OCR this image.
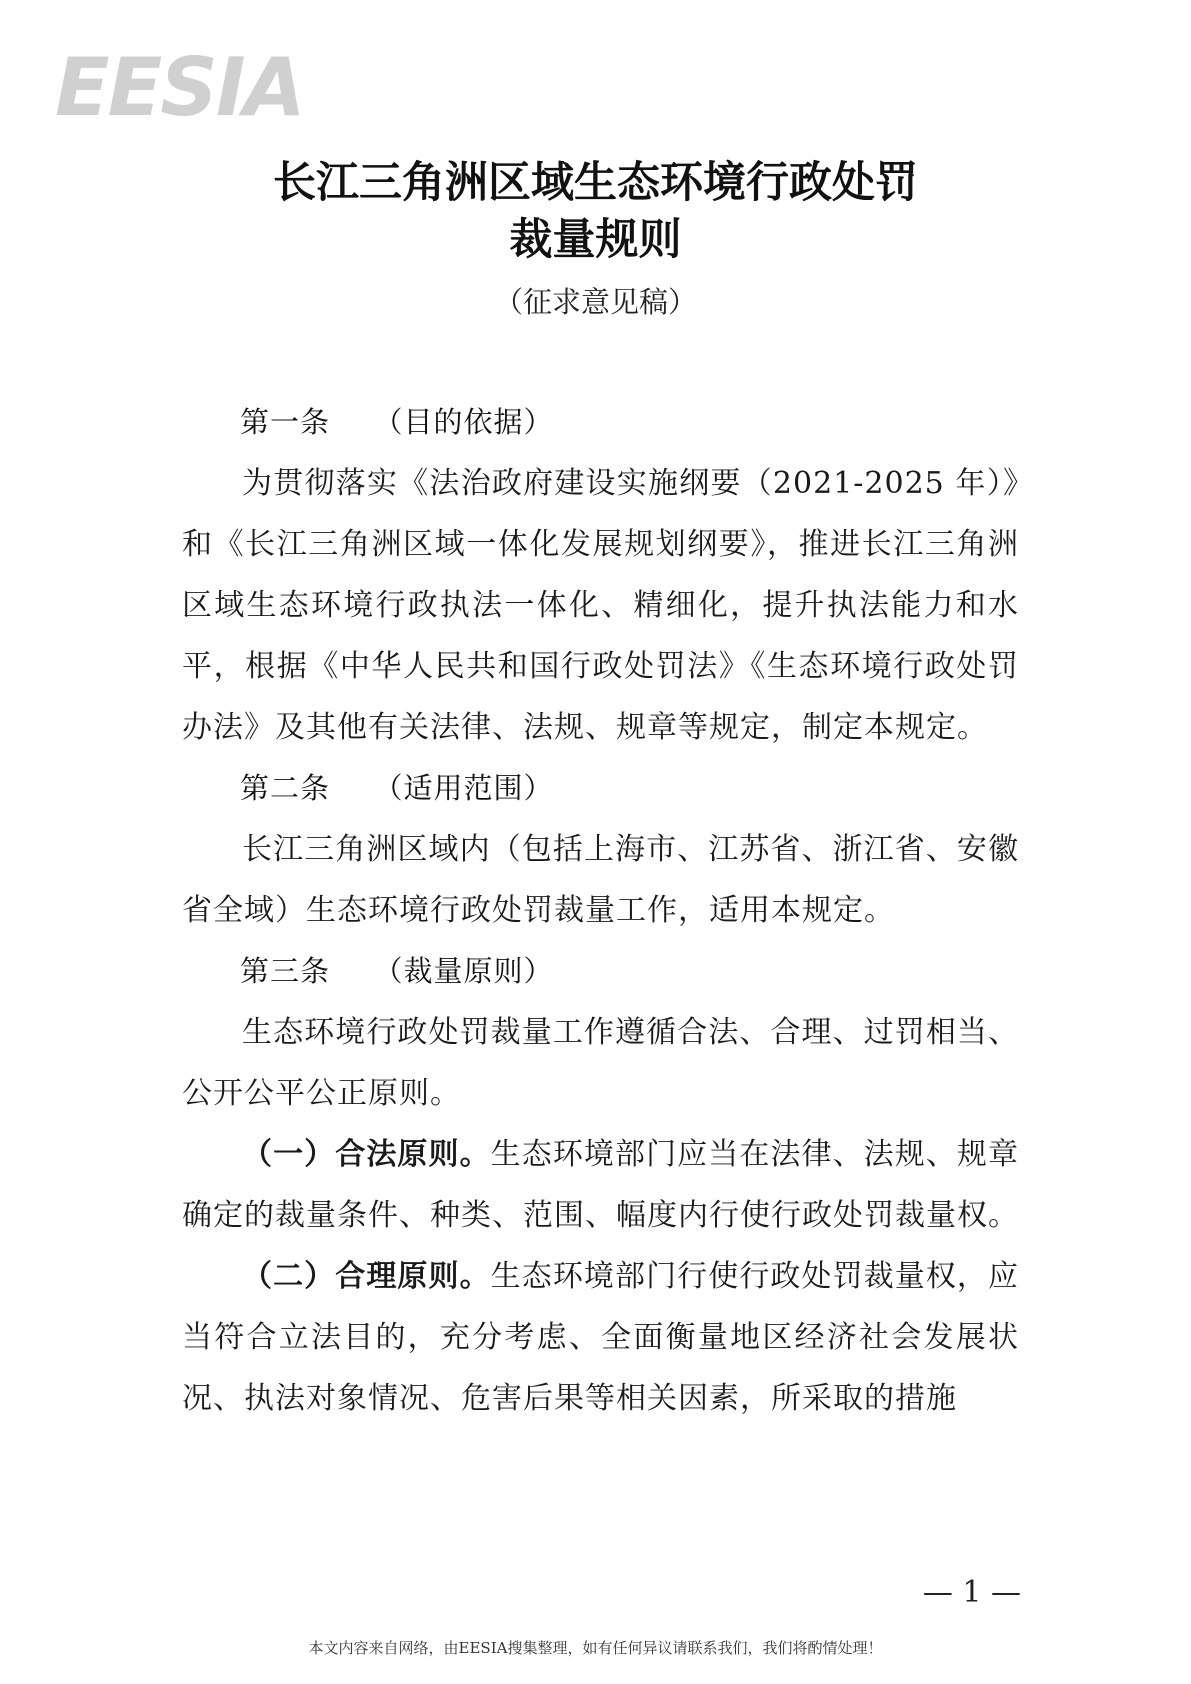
EESIA
长江三角洲区域生态环境行政处罚
裁量规则
（征求意见稿）

第一条 （目的依据）

为贯彻落实《法治政府建设实施纲要（2021-2025 年）》和《长江三角洲区域一体化发展规划纲要》，推进长江三角洲区域生态环境行政执法一体化、精细化，提升执法能力和水平，根据《中华人民共和国行政处罚法》《生态环境行政处罚办法》及其他有关法律、法规、规章等规定，制定本规定。

第二条 （适用范围）

长江三角洲区域内（包括上海市、江苏省、浙江省、安徽省全域）生态环境行政处罚裁量工作，适用本规定。

第三条 （裁量原则）

生态环境行政处罚裁量工作遵循合法、合理、过罚相当、公开公平公正原则。

（一）合法原则。生态环境部门应当在法律、法规、规章确定的裁量条件、种类、范围、幅度内行使行政处罚裁量权。

（二）合理原则。生态环境部门行使行政处罚裁量权，应当符合立法目的，充分考虑、全面衡量地区经济社会发展状况、执法对象情况、危害后果等相关因素，所采取的措施

— 1 —
本文内容来自网络，由EESIA搜集整理，如有任何异议请联系我们，我们将酌情处理！
